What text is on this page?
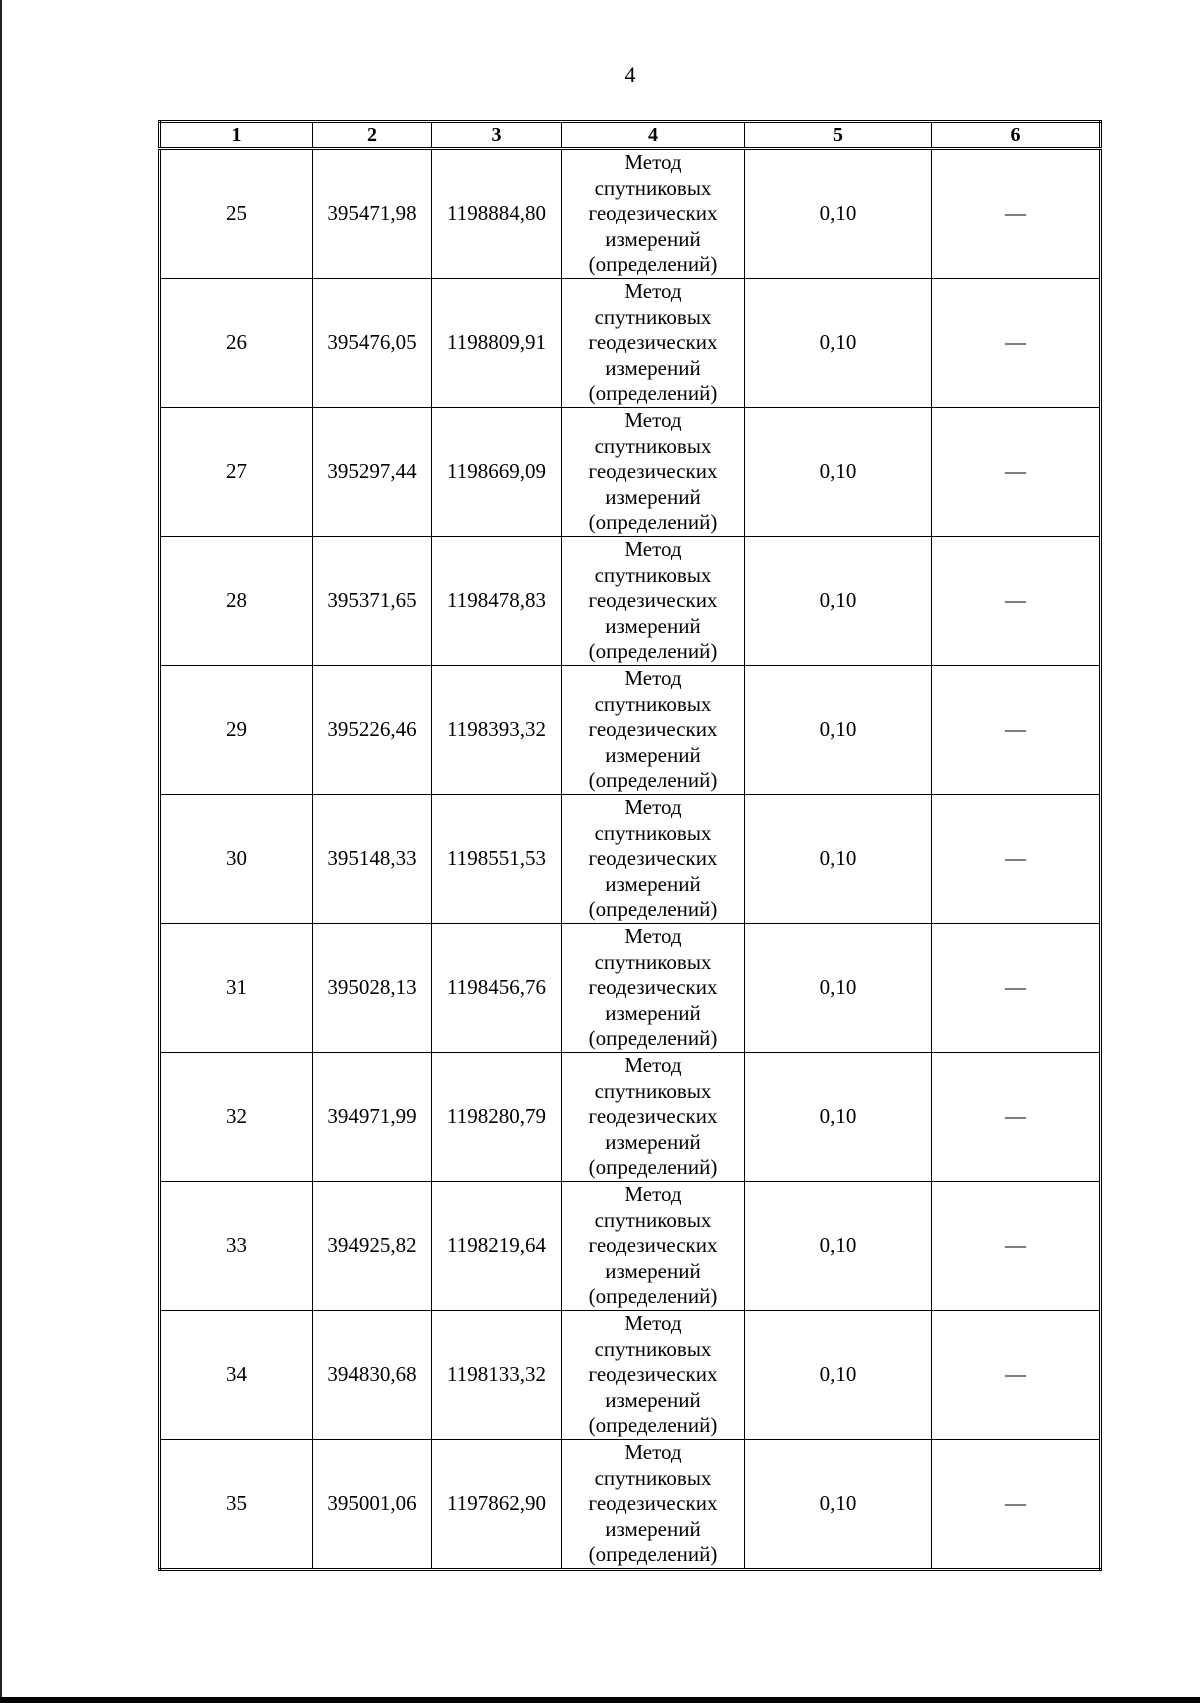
4
1	2	3	4	5	6
25	395471,98	1198884,80	Метод
спутниковых
геодезических
измерений
(определений)	0,10	—
26	395476,05	1198809,91	Метод
спутниковых
геодезических
измерений
(определений)	0,10	—
27	395297,44	1198669,09	Метод
спутниковых
геодезических
измерений
(определений)	0,10	—
28	395371,65	1198478,83	Метод
спутниковых
геодезических
измерений
(определений)	0,10	—
29	395226,46	1198393,32	Метод
спутниковых
геодезических
измерений
(определений)	0,10	—
30	395148,33	1198551,53	Метод
спутниковых
геодезических
измерений
(определений)	0,10	—
31	395028,13	1198456,76	Метод
спутниковых
геодезических
измерений
(определений)	0,10	—
32	394971,99	1198280,79	Метод
спутниковых
геодезических
измерений
(определений)	0,10	—
33	394925,82	1198219,64	Метод
спутниковых
геодезических
измерений
(определений)	0,10	—
34	394830,68	1198133,32	Метод
спутниковых
геодезических
измерений
(определений)	0,10	—
35	395001,06	1197862,90	Метод
спутниковых
геодезических
измерений
(определений)	0,10	—
